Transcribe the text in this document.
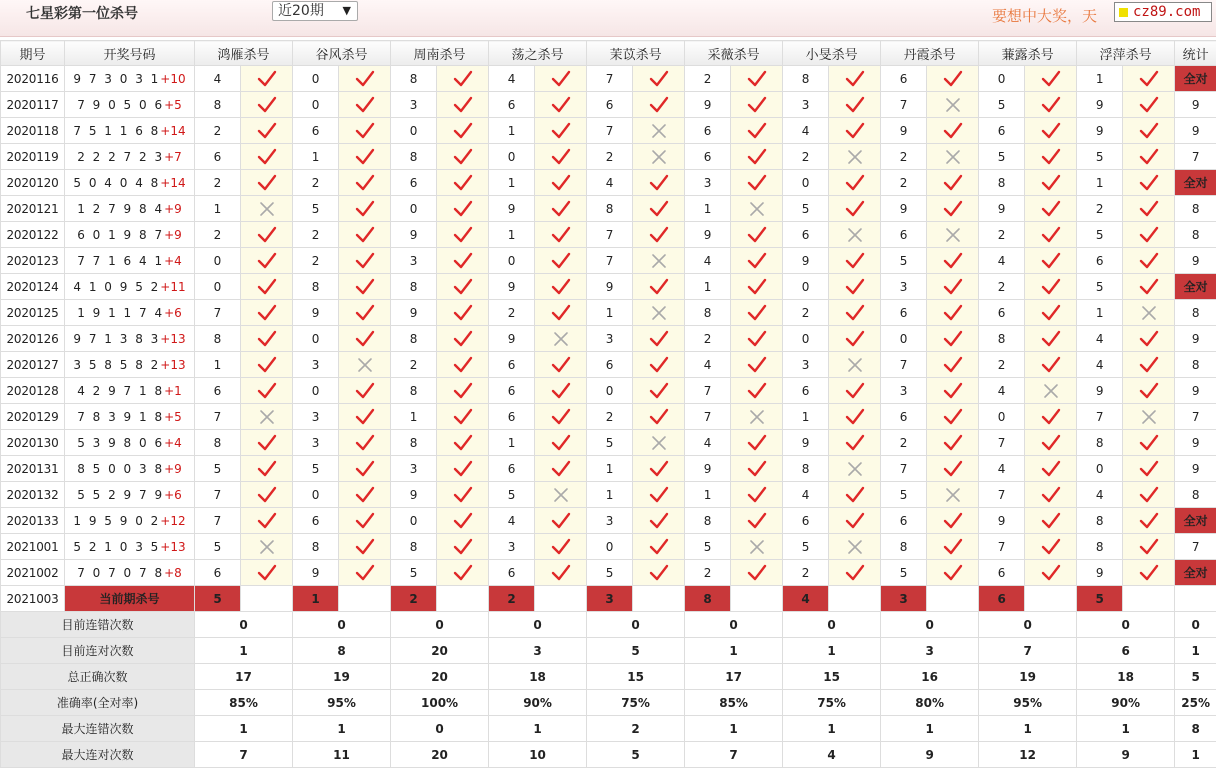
七星彩第一位杀号	近20期 ▼	要想中大奖，天	cz89.com
期号	开奖号码	鸿雁杀号		谷风杀号		周南杀号		荡之杀号		茉苡杀号		采薇杀号		小旻杀号		丹霞杀号		蒹露杀号		浮萍杀号		统计
2020116	9 7 3 0 3 1+10	4		0		8		4		7		2		8		6		0		1		全对
2020117	7 9 0 5 0 6+5	8		0		3		6		6		9		3		7		5		9		9
2020118	7 5 1 1 6 8+14	2		6		0		1		7		6		4		9		6		9		9
2020119	2 2 2 7 2 3+7	6		1		8		0		2		6		2		2		5		5		7
2020120	5 0 4 0 4 8+14	2		2		6		1		4		3		0		2		8		1		全对
2020121	1 2 7 9 8 4+9	1		5		0		9		8		1		5		9		9		2		8
2020122	6 0 1 9 8 7+9	2		2		9		1		7		9		6		6		2		5		8
2020123	7 7 1 6 4 1+4	0		2		3		0		7		4		9		5		4		6		9
2020124	4 1 0 9 5 2+11	0		8		8		9		9		1		0		3		2		5		全对
2020125	1 9 1 1 7 4+6	7		9		9		2		1		8		2		6		6		1		8
2020126	9 7 1 3 8 3+13	8		0		8		9		3		2		0		0		8		4		9
2020127	3 5 8 5 8 2+13	1		3		2		6		6		4		3		7		2		4		8
2020128	4 2 9 7 1 8+1	6		0		8		6		0		7		6		3		4		9		9
2020129	7 8 3 9 1 8+5	7		3		1		6		2		7		1		6		0		7		7
2020130	5 3 9 8 0 6+4	8		3		8		1		5		4		9		2		7		8		9
2020131	8 5 0 0 3 8+9	5		5		3		6		1		9		8		7		4		0		9
2020132	5 5 2 9 7 9+6	7		0		9		5		1		1		4		5		7		4		8
2020133	1 9 5 9 0 2+12	7		6		0		4		3		8		6		6		9		8		全对
2021001	5 2 1 0 3 5+13	5		8		8		3		0		5		5		8		7		8		7
2021002	7 0 7 0 7 8+8	6		9		5		6		5		2		2		5		6		9		全对
2021003	当前期杀号	5		1		2		2		3		8		4		3		6		5		
目前连错次数		0		0		0		0		0		0		0		0		0		0		0
目前连对次数		1		8		20		3		5		1		1		3		7		6		1
总正确次数		17		19		20		18		15		17		15		16		19		18		5
准确率(全对率)		85%		95%		100%		90%		75%		85%		75%		80%		95%		90%		25%
最大连错次数		1		1		0		1		2		1		1		1		1		1		8
最大连对次数		7		11		20		10		5		7		4		9		12		9		1
